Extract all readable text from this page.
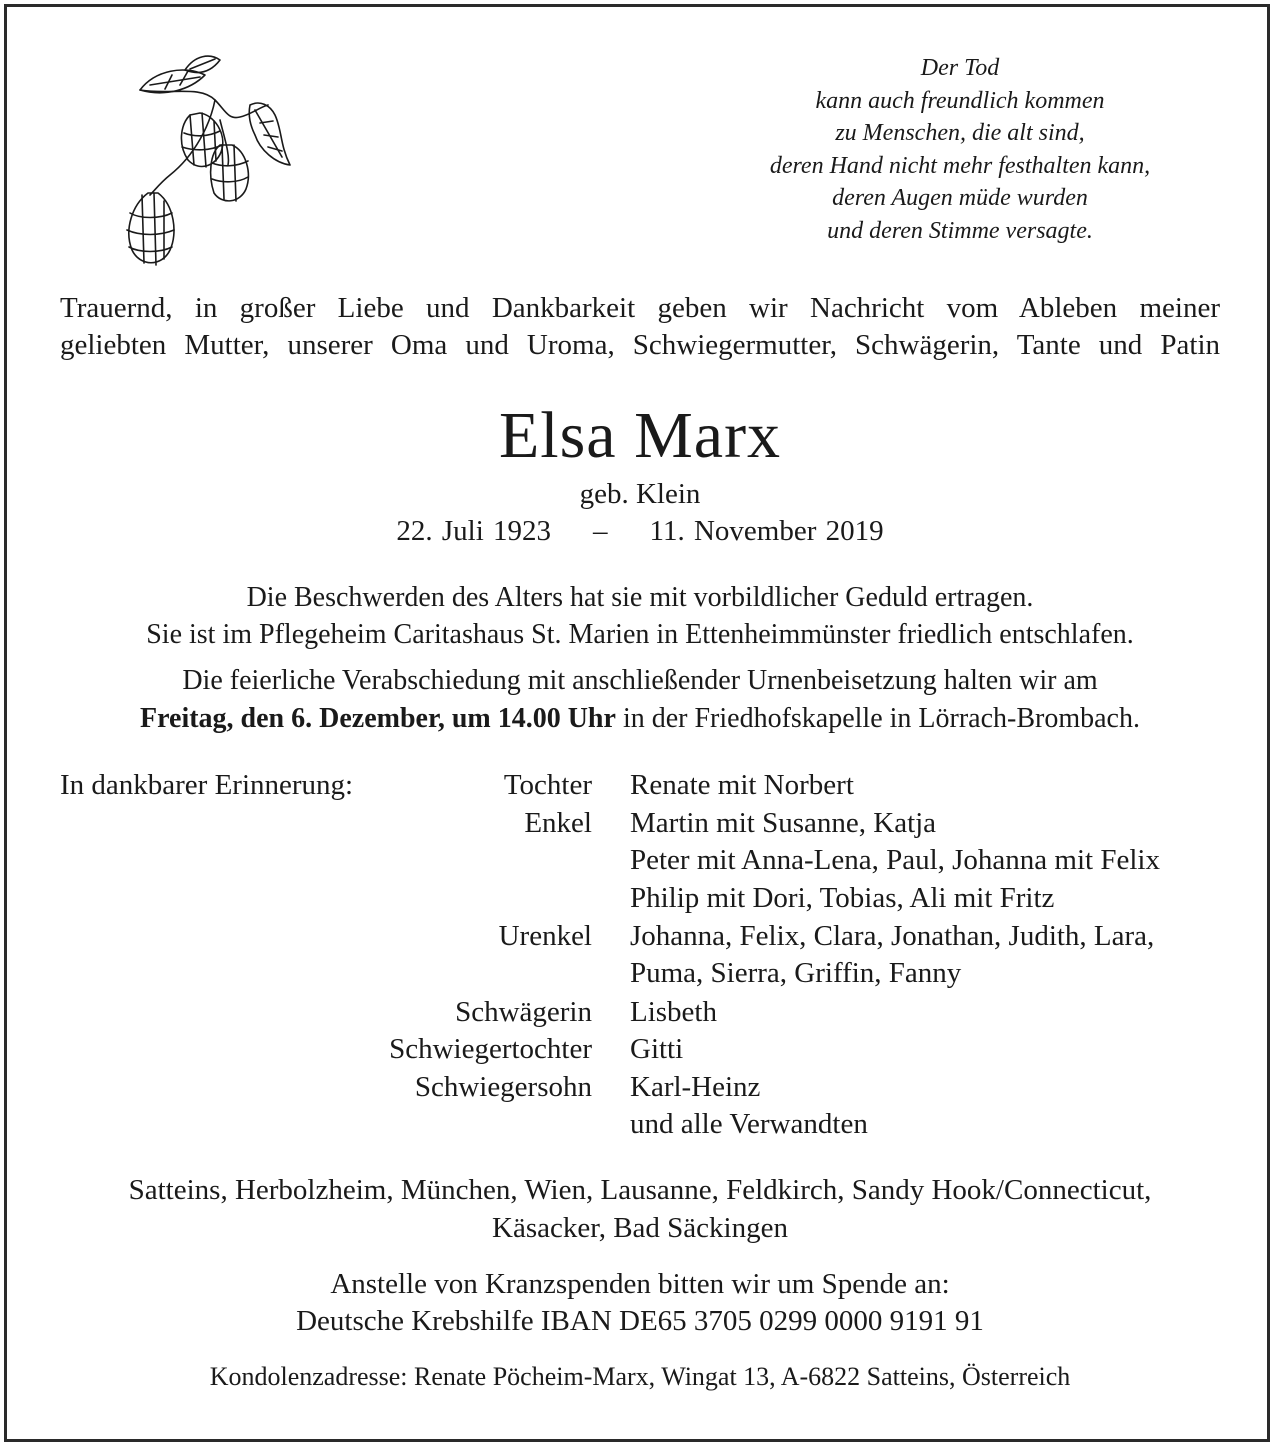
Der Tod
kann auch freundlich kommen
zu Menschen, die alt sind,
deren Hand nicht mehr festhalten kann,
deren Augen müde wurden
und deren Stimme versagte.
Trauernd, in großer Liebe und Dankbarkeit geben wir Nachricht vom Ableben meiner
geliebten Mutter, unserer Oma und Uroma, Schwiegermutter, Schwägerin, Tante und Patin
Elsa Marx
geb. Klein
22. Juli 1923 – 11. November 2019
Die Beschwerden des Alters hat sie mit vorbildlicher Geduld ertragen.
Sie ist im Pflegeheim Caritashaus St. Marien in Ettenheimmünster friedlich entschlafen.
Die feierliche Verabschiedung mit anschließender Urnenbeisetzung halten wir am
Freitag, den 6. Dezember, um 14.00 Uhr in der Friedhofskapelle in Lörrach-Brombach.
In dankbarer Erinnerung:	Tochter Renate mit Norbert
Enkel Martin mit Susanne, Katja
Peter mit Anna-Lena, Paul, Johanna mit Felix
Philip mit Dori, Tobias, Ali mit Fritz
Urenkel Johanna, Felix, Clara, Jonathan, Judith, Lara,
Puma, Sierra, Griffin, Fanny
Schwägerin Lisbeth
Schwiegertochter Gitti
Schwiegersohn Karl-Heinz
und alle Verwandten
Satteins, Herbolzheim, München, Wien, Lausanne, Feldkirch, Sandy Hook/Connecticut,
Käsacker, Bad Säckingen
Anstelle von Kranzspenden bitten wir um Spende an:
Deutsche Krebshilfe IBAN DE65 3705 0299 0000 9191 91
Kondolenzadresse: Renate Pöcheim-Marx, Wingat 13, A-6822 Satteins, Österreich
